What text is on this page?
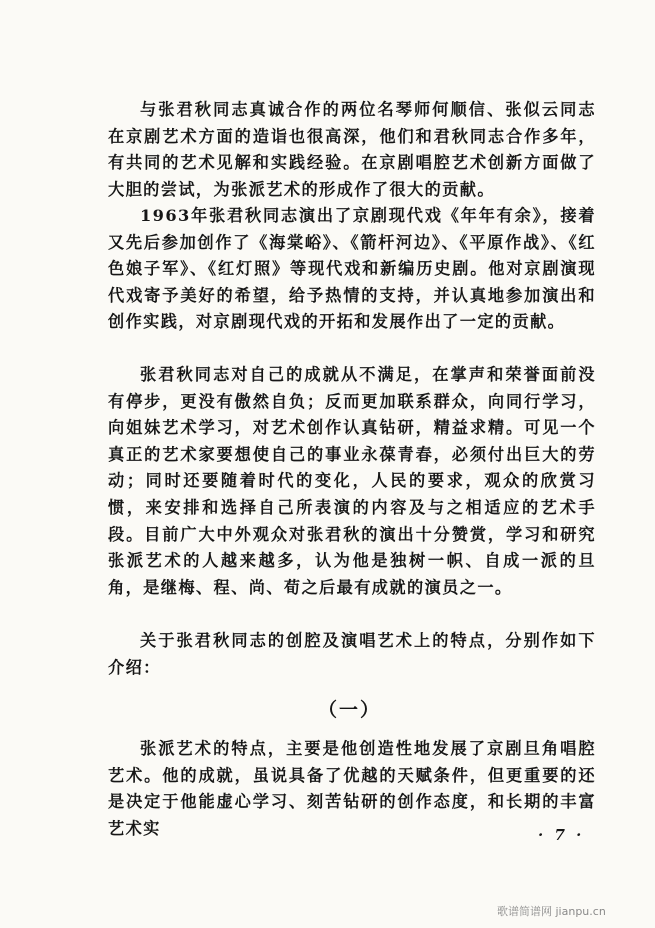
与张君秋同志真诚合作的两位名琴师何顺信、张似云同志在京剧艺术方面的造诣也很高深，他们和君秋同志合作多年，有共同的艺术见解和实践经验。在京剧唱腔艺术创新方面做了大胆的尝试，为张派艺术的形成作了很大的贡献。

1963年张君秋同志演出了京剧现代戏《年年有余》，接着又先后参加创作了《海棠峪》、《箭杆河边》、《平原作战》、《红色娘子军》、《红灯照》等现代戏和新编历史剧。他对京剧演现代戏寄予美好的希望，给予热情的支持，并认真地参加演出和创作实践，对京剧现代戏的开拓和发展作出了一定的贡献。

张君秋同志对自己的成就从不满足，在掌声和荣誉面前没有停步，更没有傲然自负；反而更加联系群众，向同行学习，向姐妹艺术学习，对艺术创作认真钻研，精益求精。可见一个真正的艺术家要想使自己的事业永葆青春，必须付出巨大的劳动；同时还要随着时代的变化，人民的要求，观众的欣赏习惯，来安排和选择自己所表演的内容及与之相适应的艺术手段。目前广大中外观众对张君秋的演出十分赞赏，学习和研究张派艺术的人越来越多，认为他是独树一帜、自成一派的旦角，是继梅、程、尚、荀之后最有成就的演员之一。

关于张君秋同志的创腔及演唱艺术上的特点，分别作如下介绍：

（一）

张派艺术的特点，主要是他创造性地发展了京剧旦角唱腔艺术。他的成就，虽说具备了优越的天赋条件，但更重要的还是决定于他能虚心学习、刻苦钻研的创作态度，和长期的丰富艺术实	· 7 ·
歌谱简谱网 jianpu.cn
